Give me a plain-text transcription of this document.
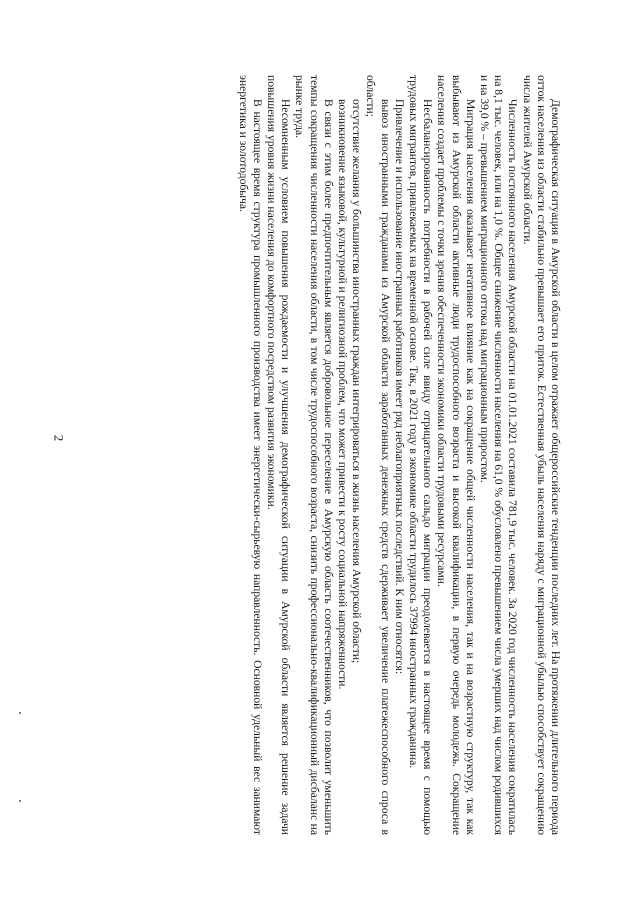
2	Демографическая ситуация в Амурской области в целом отражает общероссийские тенденции последних лет. На протяжении длительного периода отток населения из области стабильно превышает его приток. Естественная убыль населения наряду с миграционной убылью способствует сокращению числа жителей Амурской области.

Численность постоянного населения Амурской области на 01.01.2021 составила 781,9 тыс. человек. За 2020 год численность населения сократилась на 8,1 тыс. человек, или на 1,0 %. Общее снижение численности населения на 61,0 % обусловлено превышением числа умерших над числом родившихся и на 39,0 % – превышением миграционного оттока над миграционным приростом.

Миграция населения оказывает негативное влияние как на сокращение общей численности населения, так и на возрастную структуру, так как выбывают из Амурской области активные люди трудоспособного возраста и высокой квалификации, в первую очередь молодежь. Сокращение населения создает проблемы с точки зрения обеспеченности экономики области трудовыми ресурсами.

Несбалансированность потребности в рабочей силе ввиду отрицательного сальдо миграции преодолевается в настоящее время с помощью трудовых мигрантов, привлекаемых на временной основе. Так, в 2021 году в экономике области трудилось 37994 иностранных гражданина.

Привлечение и использование иностранных работников имеет ряд неблагоприятных последствий. К ним относятся:

вывоз иностранными гражданами из Амурской области заработанных денежных средств сдерживает увеличение платежеспособного спроса в области;

отсутствие желания у большинства иностранных граждан интегрироваться в жизнь населения Амурской области;

возникновение языковой, культурной и религиозной проблем, что может привести к росту социальной напряженности.

В связи с этим более предпочтительным является добровольное переселение в Амурскую область соотечественников, что позволит уменьшить темпы сокращения численности населения области, в том числе трудоспособного возраста, снизить профессионально-квалификационный дисбаланс на рынке труда.

Несомненным условием повышения рождаемости и улучшения демографической ситуации в Амурской области является решение задачи повышения уровня жизни населения до комфортного посредством развития экономики.

В настоящее время структура промышленного производства имеет энергетически-сырьевую направленность. Основной удельный вес занимают энергетика и золотодобыча.
